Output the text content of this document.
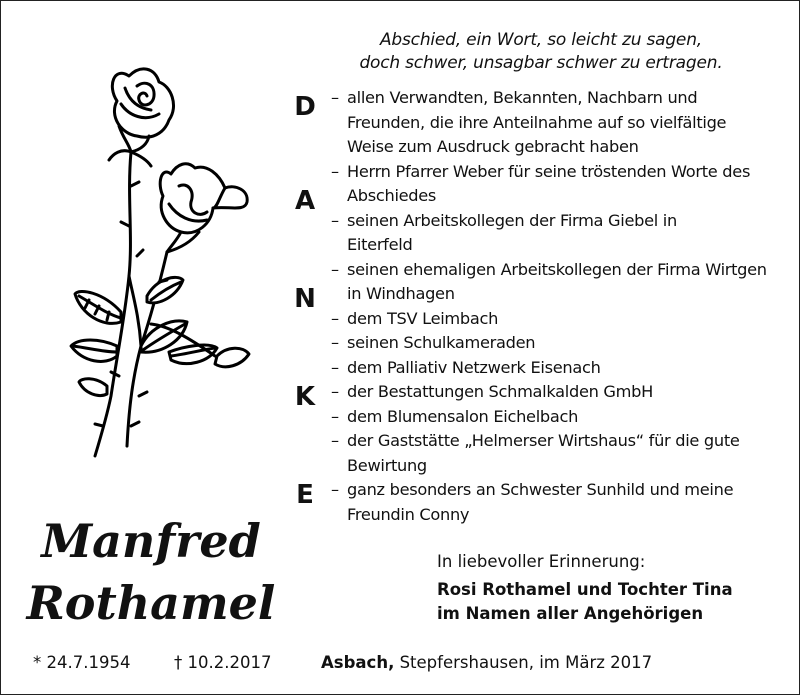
Abschied, ein Wort, so leicht zu sagen,
doch schwer, unsagbar schwer zu ertragen.
D
A
N
K
E

– allen Verwandten, Bekannten, Nachbarn und Freunden, die ihre Anteilnahme auf so vielfältige Weise zum Ausdruck gebracht haben

– Herrn Pfarrer Weber für seine tröstenden Worte des Abschiedes

– seinen Arbeitskollegen der Firma Giebel in Eiterfeld

– seinen ehemaligen Arbeitskollegen der Firma Wirtgen in Windhagen

– dem TSV Leimbach

– seinen Schulkameraden

– dem Palliativ Netzwerk Eisenach

– der Bestattungen Schmalkalden GmbH

– dem Blumensalon Eichelbach

– der Gaststätte „Helmerser Wirtshaus“ für die gute Bewirtung

– ganz besonders an Schwester Sunhild und meine Freundin Conny

Manfred
Rothamel
In liebevoller Erinnerung:
Rosi Rothamel und Tochter Tina
im Namen aller Angehörigen
* 24.7.1954	† 10.2.2017	Asbach, Stepfershausen, im März 2017
